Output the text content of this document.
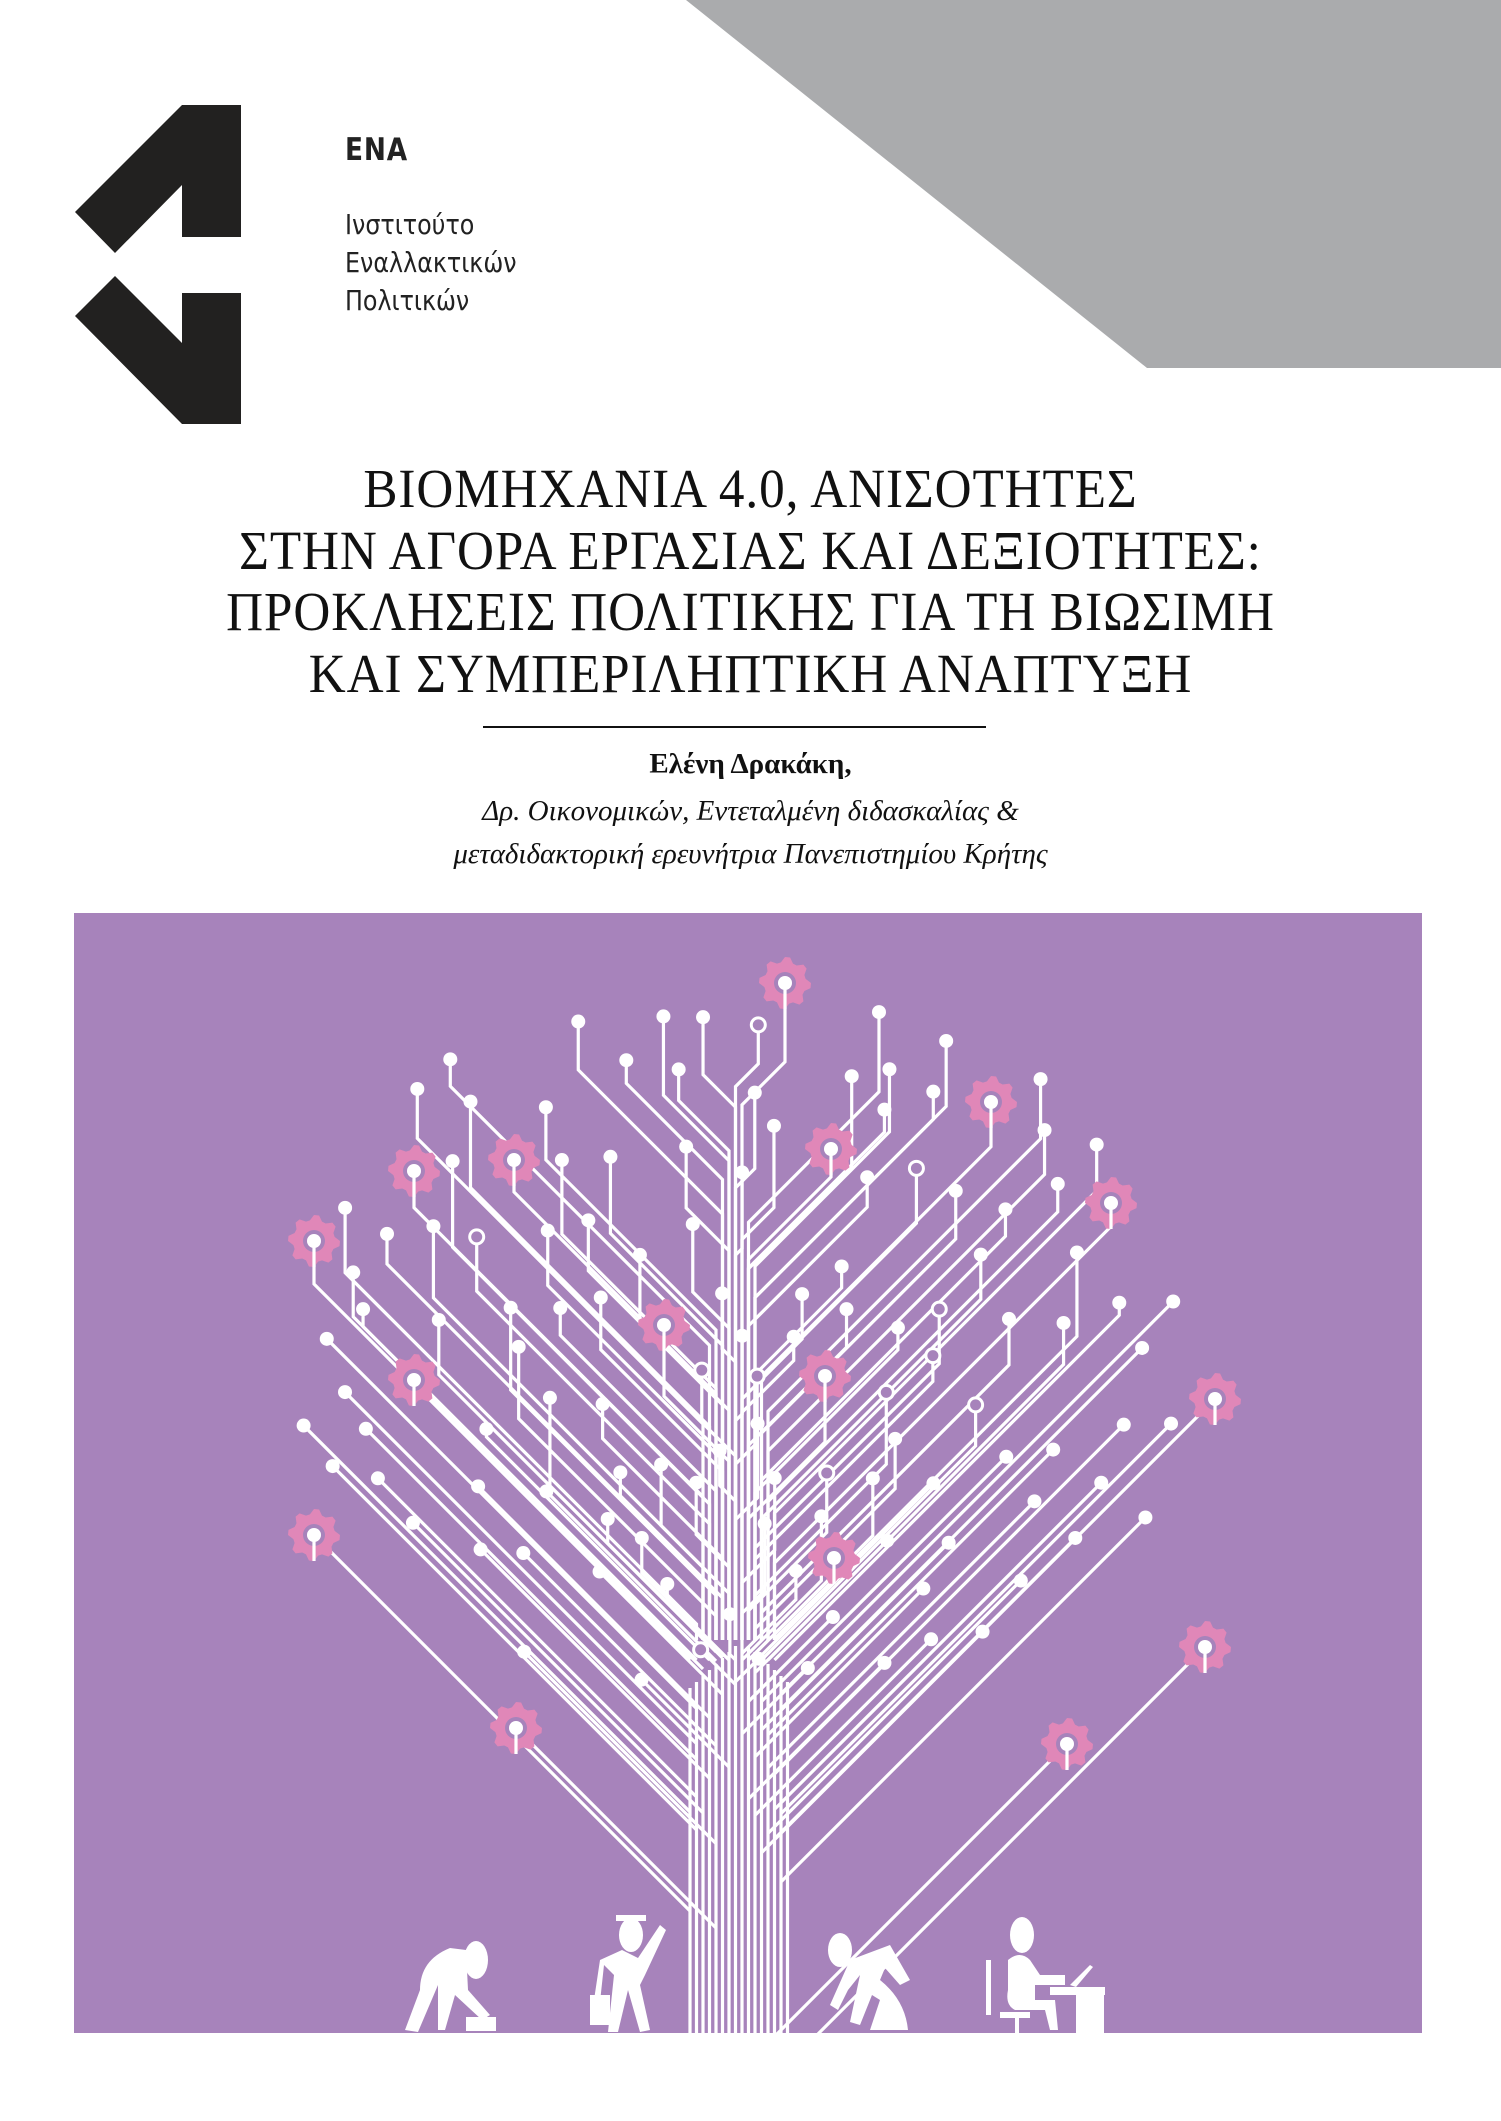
ΕΝΑ
Ινστιτούτο
Εναλλακτικών
Πολιτικών
ΒΙΟΜΗΧΑΝΙΑ 4.0, ΑΝΙΣΟΤΗΤΕΣ
ΣΤΗΝ ΑΓΟΡΑ ΕΡΓΑΣΙΑΣ ΚΑΙ ΔΕΞΙΟΤΗΤΕΣ:
ΠΡΟΚΛΗΣΕΙΣ ΠΟΛΙΤΙΚΗΣ ΓΙΑ ΤΗ ΒΙΩΣΙΜΗ
ΚΑΙ ΣΥΜΠΕΡΙΛΗΠΤΙΚΗ ΑΝΑΠΤΥΞΗ
Ελένη Δρακάκη,
Δρ. Οικονομικών, Εντεταλμένη διδασκαλίας &
μεταδιδακτορική ερευνήτρια Πανεπιστημίου Κρήτης
